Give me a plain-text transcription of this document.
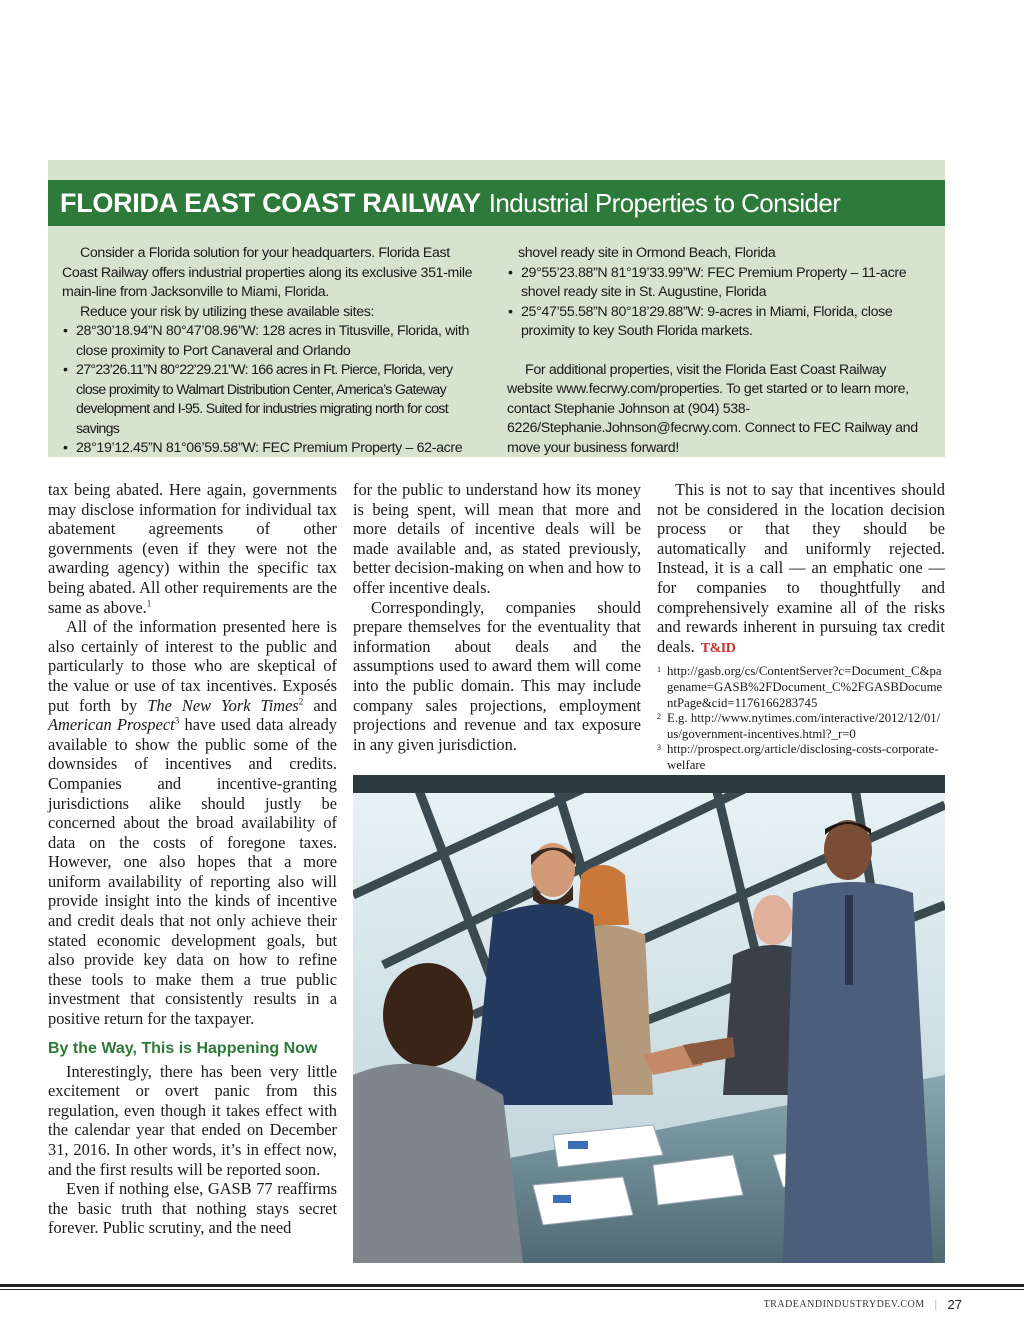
FLORIDA EAST COAST RAILWAY Industrial Properties to Consider

Consider a Florida solution for your headquarters. Florida East Coast Railway offers industrial properties along its exclusive 351-mile main-line from Jacksonville to Miami, Florida.

Reduce your risk by utilizing these available sites:

• 28°30’18.94”N 80°47’08.96”W: 128 acres in Titusville, Florida, with close proximity to Port Canaveral and Orlando
• 27°23’26.11”N 80°22’29.21”W: 166 acres in Ft. Pierce, Florida, very close proximity to Walmart Distribution Center, America’s Gateway development and I-95. Suited for industries migrating north for cost savings
• 28°19’12.45”N 81°06’59.58”W: FEC Premium Property – 62-acre

shovel ready site in Ormond Beach, Florida

• 29°55’23.88”N 81°19’33.99”W: FEC Premium Property – 11-acre shovel ready site in St. Augustine, Florida
• 25°47’55.58”N 80°18’29.88”W: 9-acres in Miami, Florida, close proximity to key South Florida markets.

For additional properties, visit the Florida East Coast Railway website www.fecrwy.com/properties. To get started or to learn more, contact Stephanie Johnson at (904) 538-6226/Stephanie.Johnson@fecrwy.com. Connect to FEC Railway and move your business forward!

tax being abated. Here again, governments may disclose information for individual tax abatement agreements of other governments (even if they were not the awarding agency) within the specific tax being abated. All other requirements are the same as above.$^1$

All of the information presented here is also certainly of interest to the public and particularly to those who are skeptical of the value or use of tax incentives. Exposés put forth by The New York Times$^2$ and American Prospect$^3$ have used data already available to show the public some of the downsides of incentives and credits. Companies and incentive-granting jurisdictions alike should justly be concerned about the broad availability of data on the costs of foregone taxes. However, one also hopes that a more uniform availability of reporting also will provide insight into the kinds of incentive and credit deals that not only achieve their stated economic development goals, but also provide key data on how to refine these tools to make them a true public investment that consistently results in a positive return for the taxpayer.

By the Way, This is Happening Now

Interestingly, there has been very little excitement or overt panic from this regulation, even though it takes effect with the calendar year that ended on December 31, 2016. In other words, it’s in effect now, and the first results will be reported soon.

Even if nothing else, GASB 77 reaffirms the basic truth that nothing stays secret forever. Public scrutiny, and the need

for the public to understand how its money is being spent, will mean that more and more details of incentive deals will be made available and, as stated previously, better decision-making on when and how to offer incentive deals.

Correspondingly, companies should prepare themselves for the eventuality that information about deals and the assumptions used to award them will come into the public domain. This may include company sales projections, employment projections and revenue and tax exposure in any given jurisdiction.

This is not to say that incentives should not be considered in the location decision process or that they should be automatically and uniformly rejected. Instead, it is a call — an emphatic one — for companies to thoughtfully and comprehensively examine all of the risks and rewards inherent in pursuing tax credit deals. T&ID

1 http://gasb.org/cs/ContentServer?c=Document_C&pagename=GASB%2FDocument_C%2FGASBDocumentPage&cid=1176166283745
2 E.g. http://www.nytimes.com/interactive/2012/12/01/us/government-incentives.html?_r=0
3 http://prospect.org/article/disclosing-costs-corporate-welfare
TRADEANDINDUSTRYDEV.COM | 27
